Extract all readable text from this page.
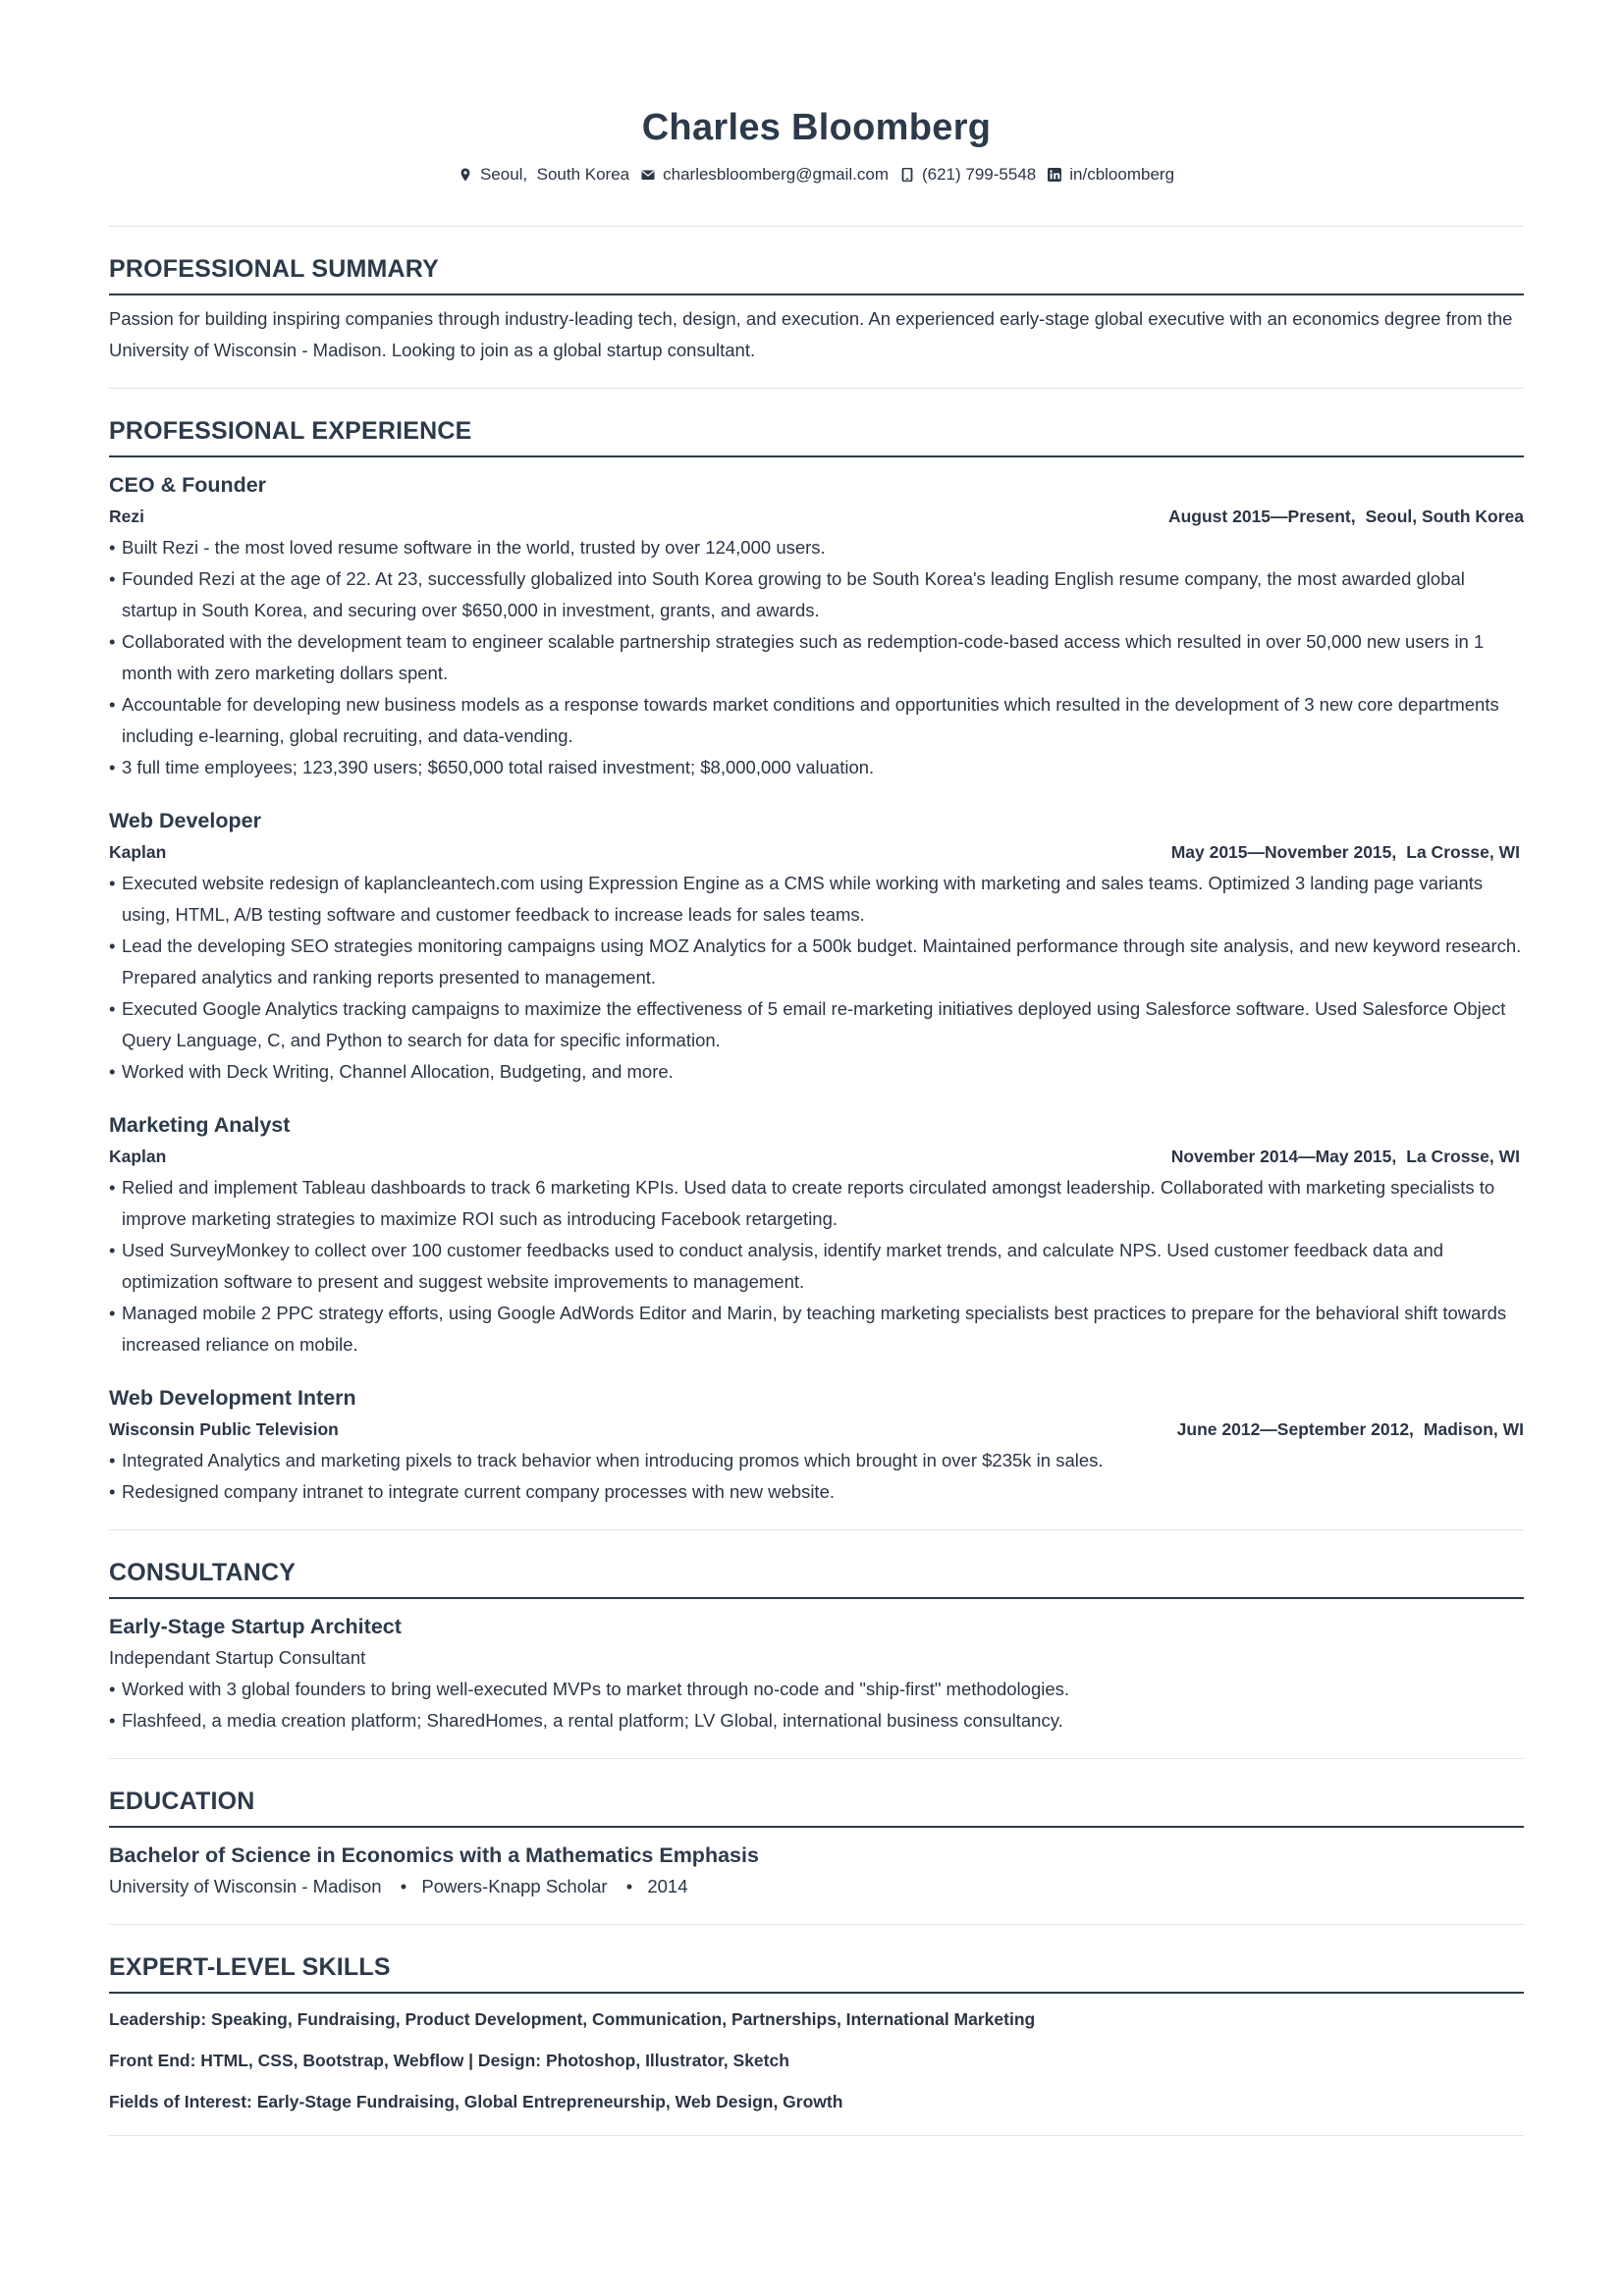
Charles Bloomberg
Seoul,  South Korea charlesbloomberg@gmail.com (621) 799-5548 in/cbloomberg
PROFESSIONAL SUMMARY
Passion for building inspiring companies through industry-leading tech, design, and execution. An experienced early-stage global executive with an economics degree from the University of Wisconsin - Madison. Looking to join as a global startup consultant.
PROFESSIONAL EXPERIENCE
CEO & Founder
Rezi	August 2015—Present, Seoul, South Korea
• Built Rezi - the most loved resume software in the world, trusted by over 124,000 users.
• Founded Rezi at the age of 22. At 23, successfully globalized into South Korea growing to be South Korea's leading English resume company, the most awarded global startup in South Korea, and securing over $650,000 in investment, grants, and awards.
• Collaborated with the development team to engineer scalable partnership strategies such as redemption-code-based access which resulted in over 50,000 new users in 1 month with zero marketing dollars spent.
• Accountable for developing new business models as a response towards market conditions and opportunities which resulted in the development of 3 new core departments including e-learning, global recruiting, and data-vending.
• 3 full time employees; 123,390 users; $650,000 total raised investment; $8,000,000 valuation.
Web Developer
Kaplan	May 2015—November 2015, La Crosse, WI
• Executed website redesign of kaplancleantech.com using Expression Engine as a CMS while working with marketing and sales teams. Optimized 3 landing page variants using, HTML, A/B testing software and customer feedback to increase leads for sales teams.
• Lead the developing SEO strategies monitoring campaigns using MOZ Analytics for a 500k budget. Maintained performance through site analysis, and new keyword research. Prepared analytics and ranking reports presented to management.
• Executed Google Analytics tracking campaigns to maximize the effectiveness of 5 email re-marketing initiatives deployed using Salesforce software. Used Salesforce Object Query Language, C, and Python to search for data for specific information.
• Worked with Deck Writing, Channel Allocation, Budgeting, and more.
Marketing Analyst
Kaplan	November 2014—May 2015, La Crosse, WI
• Relied and implement Tableau dashboards to track 6 marketing KPIs. Used data to create reports circulated amongst leadership. Collaborated with marketing specialists to improve marketing strategies to maximize ROI such as introducing Facebook retargeting.
• Used SurveyMonkey to collect over 100 customer feedbacks used to conduct analysis, identify market trends, and calculate NPS. Used customer feedback data and optimization software to present and suggest website improvements to management.
• Managed mobile 2 PPC strategy efforts, using Google AdWords Editor and Marin, by teaching marketing specialists best practices to prepare for the behavioral shift towards increased reliance on mobile.
Web Development Intern
Wisconsin Public Television	June 2012—September 2012, Madison, WI
• Integrated Analytics and marketing pixels to track behavior when introducing promos which brought in over $235k in sales.
• Redesigned company intranet to integrate current company processes with new website.
CONSULTANCY
Early-Stage Startup Architect
Independant Startup Consultant
• Worked with 3 global founders to bring well-executed MVPs to market through no-code and "ship-first" methodologies.
• Flashfeed, a media creation platform; SharedHomes, a rental platform; LV Global, international business consultancy.
EDUCATION
Bachelor of Science in Economics with a Mathematics Emphasis
University of Wisconsin - Madison • Powers-Knapp Scholar • 2014
EXPERT-LEVEL SKILLS
Leadership: Speaking, Fundraising, Product Development, Communication, Partnerships, International Marketing
Front End: HTML, CSS, Bootstrap, Webflow | Design: Photoshop, Illustrator, Sketch
Fields of Interest: Early-Stage Fundraising, Global Entrepreneurship, Web Design, Growth
